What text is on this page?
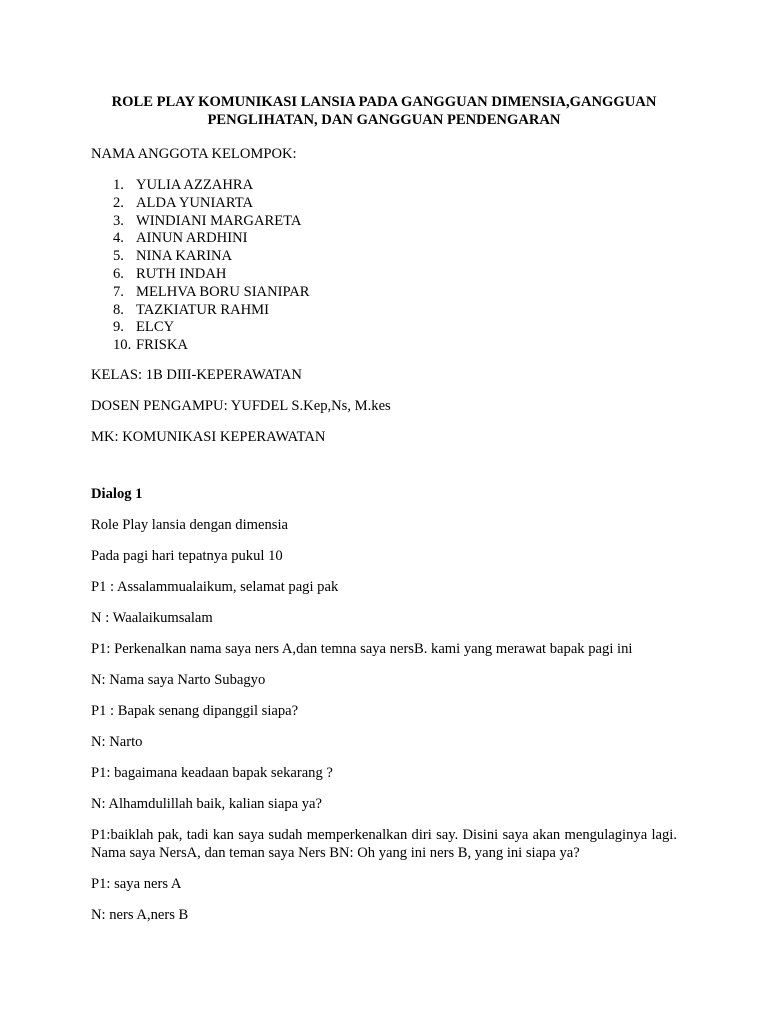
ROLE PLAY KOMUNIKASI LANSIA PADA GANGGUAN DIMENSIA,GANGGUAN
PENGLIHATAN, DAN GANGGUAN PENDENGARAN

NAMA ANGGOTA KELOMPOK:

1. YULIA AZZAHRA
2. ALDA YUNIARTA
3. WINDIANI MARGARETA
4. AINUN ARDHINI
5. NINA KARINA
6. RUTH INDAH
7. MELHVA BORU SIANIPAR
8. TAZKIATUR RAHMI
9. ELCY
10. FRISKA

KELAS: 1B DIII-KEPERAWATAN

DOSEN PENGAMPU: YUFDEL S.Kep,Ns, M.kes

MK: KOMUNIKASI KEPERAWATAN

Dialog 1

Role Play lansia dengan dimensia

Pada pagi hari tepatnya pukul 10

P1 : Assalammualaikum, selamat pagi pak

N : Waalaikumsalam

P1: Perkenalkan nama saya ners A,dan temna saya nersB. kami yang merawat bapak pagi ini

N: Nama saya Narto Subagyo

P1 : Bapak senang dipanggil siapa?

N: Narto

P1: bagaimana keadaan bapak sekarang ?

N: Alhamdulillah baik, kalian siapa ya?

P1:baiklah pak, tadi kan saya sudah memperkenalkan diri say. Disini saya akan mengulaginya lagi. Nama saya NersA, dan teman saya Ners BN: Oh yang ini ners B, yang ini siapa ya?

P1: saya ners A

N: ners A,ners B
